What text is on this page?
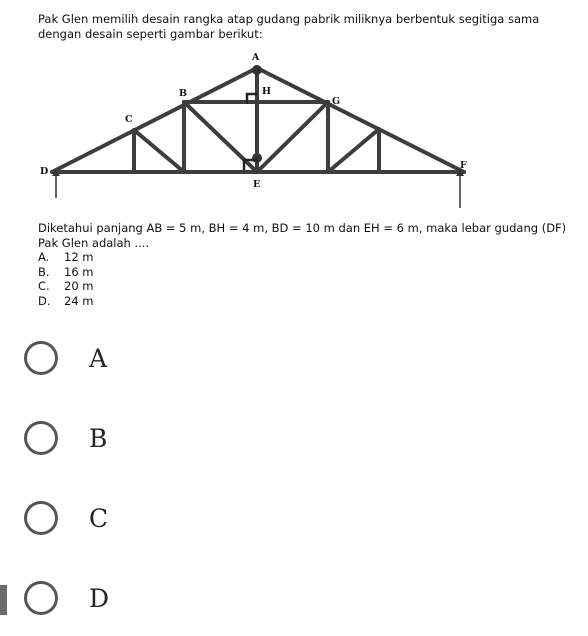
Pak Glen memilih desain rangka atap gudang pabrik miliknya berbentuk segitiga sama dengan desain seperti gambar berikut:
A
B
C
D
E
F
G
H
Diketahui panjang AB = 5 m, BH = 4 m, BD = 10 m dan EH = 6 m, maka lebar gudang (DF) Pak Glen adalah ....
A.	12 m
B.	16 m
C.	20 m
D.	24 m
A
B
C
D
